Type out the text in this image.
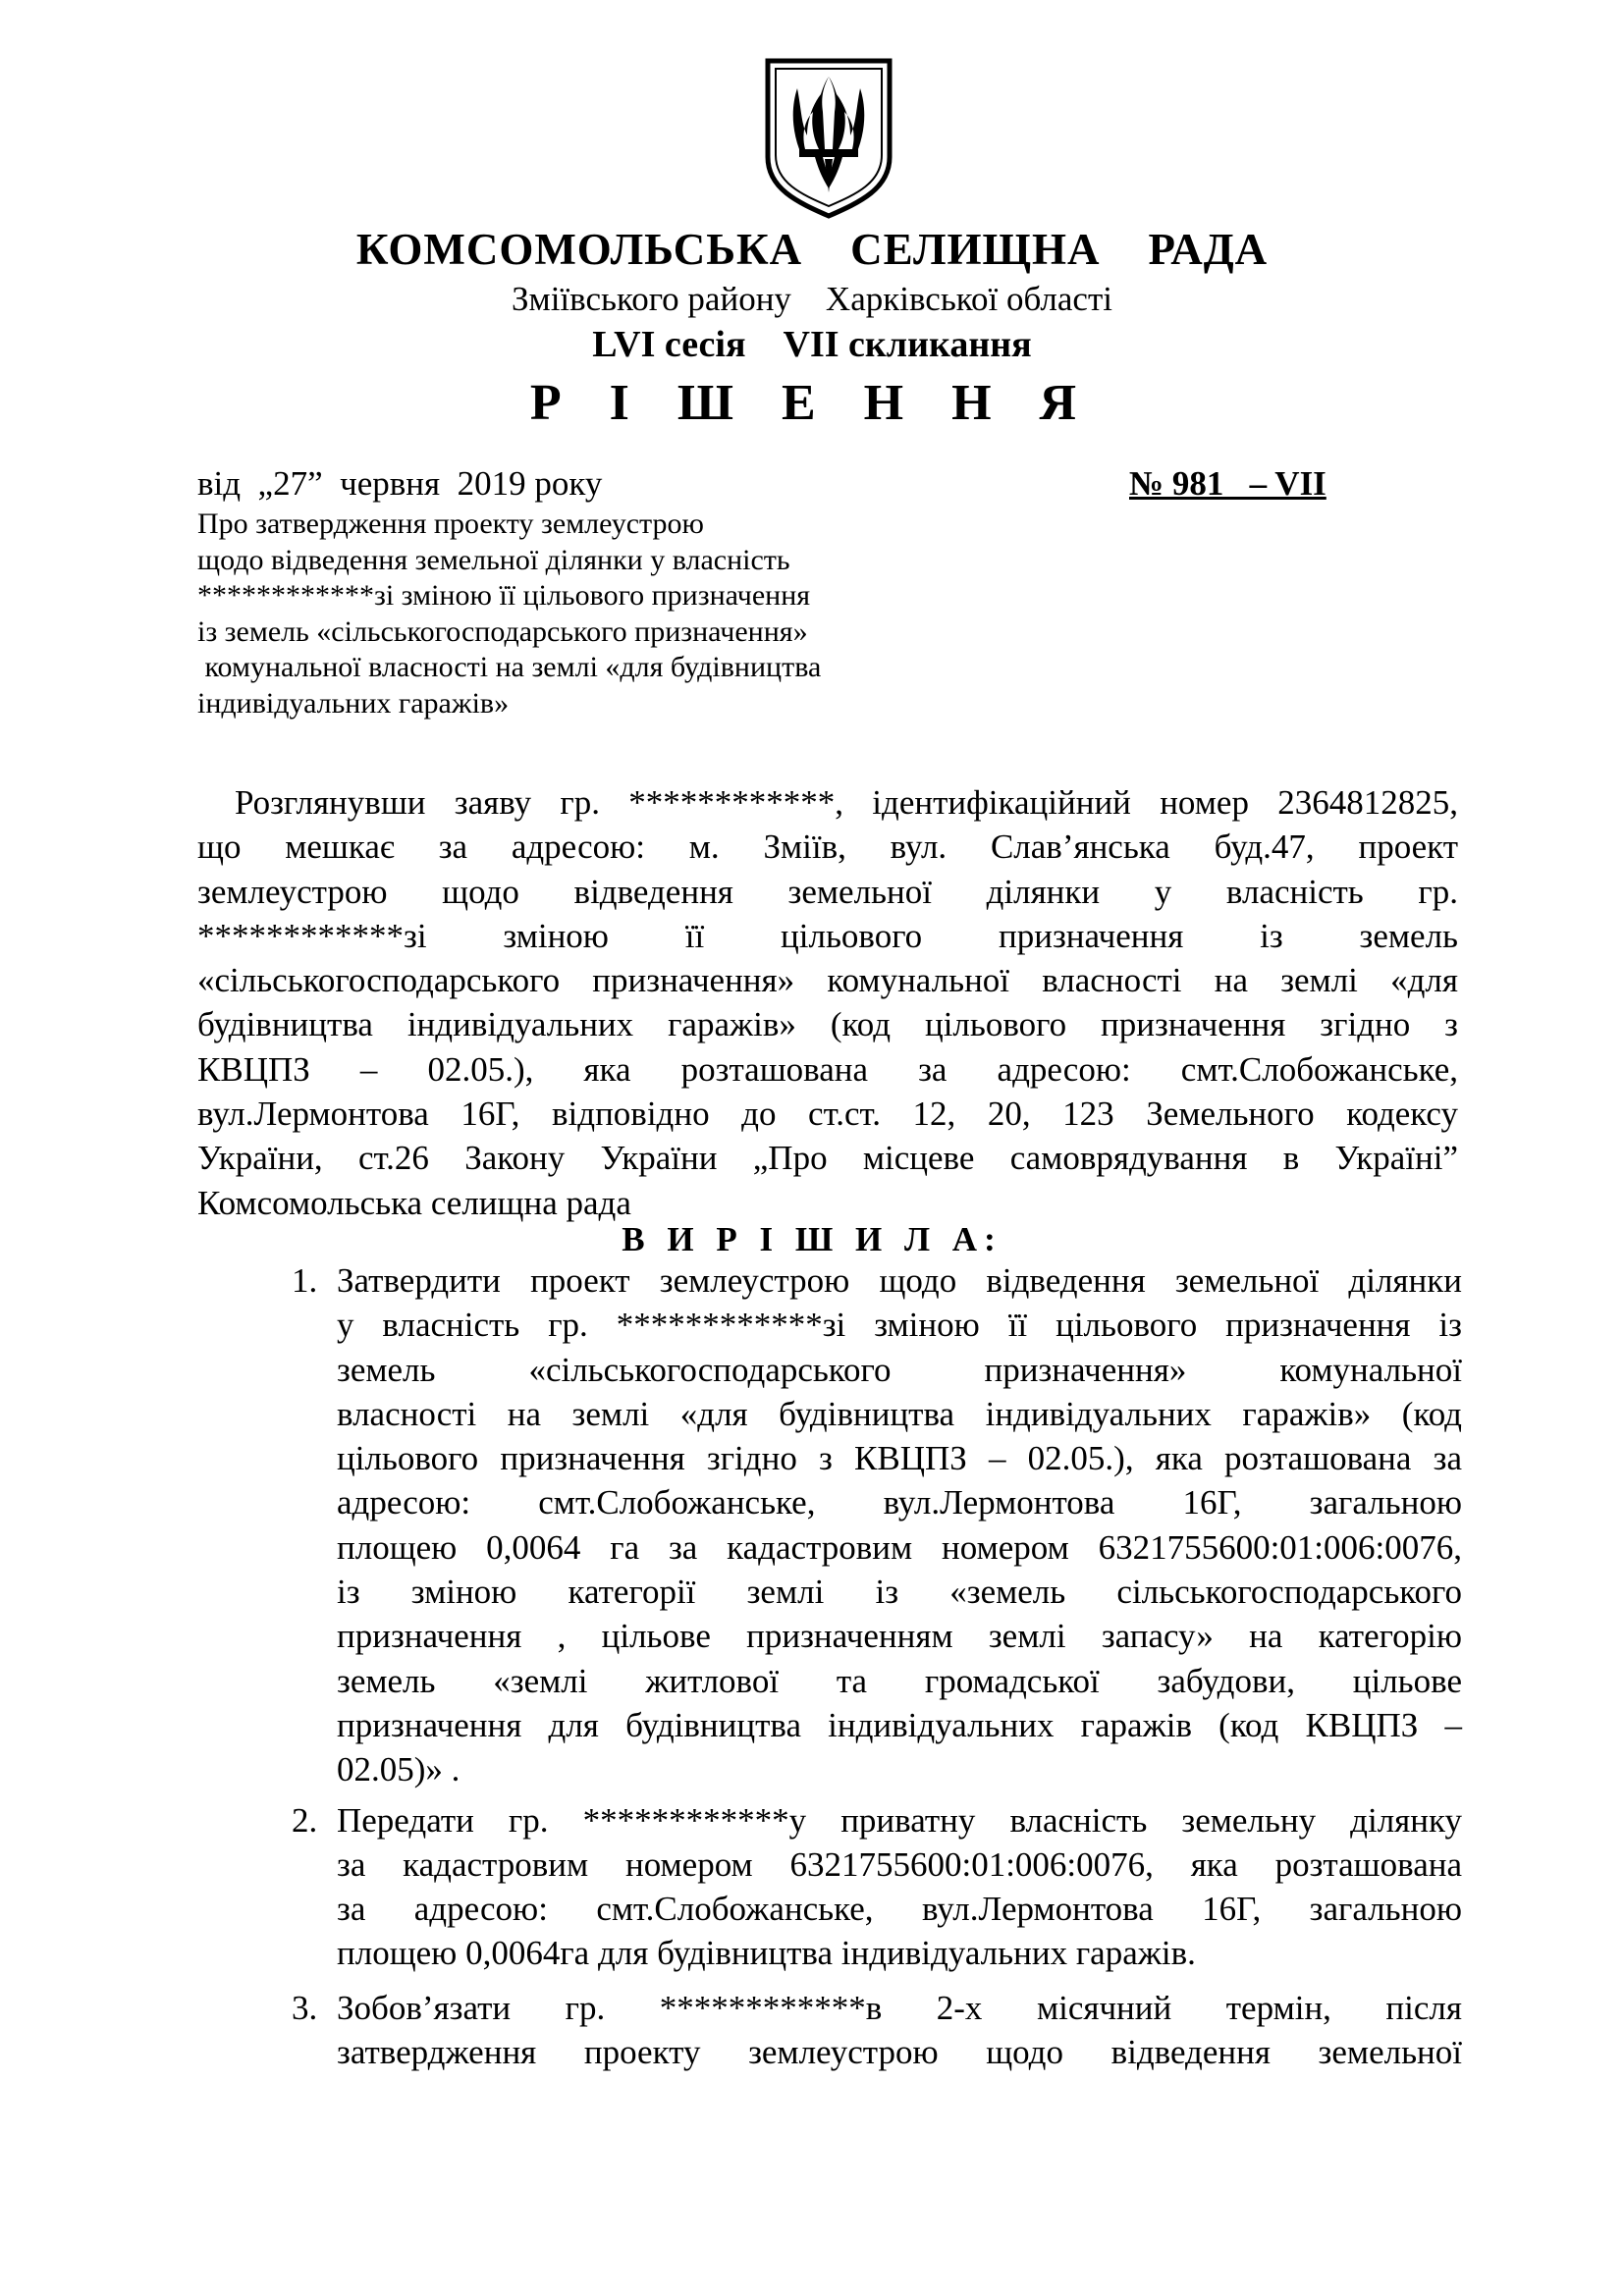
КОМСОМОЛЬСЬКА    СЕЛИЩНА    РАДА
Зміївського району    Харківської області
LVI сесія    VII скликання
Р І Ш Е Н Н Я
від  „27”  червня  2019 року	№ 981   – VII
Про затвердження проекту землеустрою
щодо відведення земельної ділянки у власність
************зі зміною її цільового призначення
із земель «сільськогосподарського призначення»
комунальної власності на землі «для будівництва
індивідуальних гаражів»
Розглянувши заяву гр. ************, ідентифікаційний номер 2364812825,
що мешкає за адресою: м. Зміїв, вул. Слав’янська буд.47, проект
землеустрою щодо відведення земельної ділянки у власність гр.
************зі зміною її цільового призначення із земель
«сільськогосподарського призначення» комунальної власності на землі «для
будівництва індивідуальних гаражів» (код цільового призначення згідно з
КВЦПЗ – 02.05.), яка розташована за адресою: смт.Слобожанське,
вул.Лермонтова 16Г, відповідно до ст.ст. 12, 20, 123 Земельного кодексу
України, ст.26 Закону України „Про місцеве самоврядування в Україні”
Комсомольська селищна рада
В И Р І Ш И Л А:
1. Затвердити проект землеустрою щодо відведення земельної ділянки
у власність гр. ************зі зміною її цільового призначення із
земель «сільськогосподарського призначення» комунальної
власності на землі «для будівництва індивідуальних гаражів» (код
цільового призначення згідно з КВЦПЗ – 02.05.), яка розташована за
адресою: смт.Слобожанське, вул.Лермонтова 16Г, загальною
площею 0,0064 га за кадастровим номером 6321755600:01:006:0076,
із зміною категорії землі із «земель сільськогосподарського
призначення , цільове призначенням землі запасу» на категорію
земель «землі житлової та громадської забудови, цільове
призначення для будівництва індивідуальних гаражів (код КВЦПЗ –
02.05)» .
2. Передати гр. ************у приватну власність земельну ділянку
за кадастровим номером 6321755600:01:006:0076, яка розташована
за адресою: смт.Слобожанське, вул.Лермонтова 16Г, загальною
площею 0,0064га для будівництва індивідуальних гаражів.
3. Зобов’язати гр. ************в 2-х місячний термін, після
затвердження проекту землеустрою щодо відведення земельної
